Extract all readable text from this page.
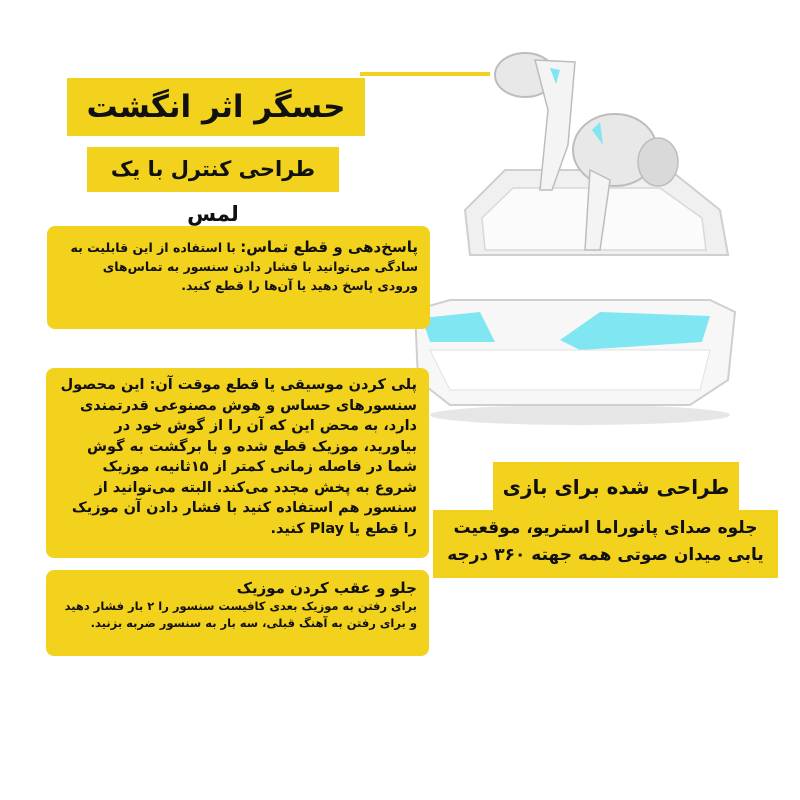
حسگر اثر انگشت
طراحی کنترل با یک لمس
پاسخ‌دهی و قطع تماس: با استفاده از این قابلیت به سادگی می‌توانید با فشار دادن سنسور به تماس‌های ورودی پاسخ دهید یا آن‌ها را قطع کنید.
پلی کردن موسیقی یا قطع موقت آن: این محصول سنسورهای حساس و هوش مصنوعی قدرتمندی دارد، به محض این که آن را از گوش خود در بیاورید، موزیک قطع شده و با برگشت به گوش شما در فاصله زمانی کمتر از ۱۵ثانیه، موزیک شروع به پخش مجدد می‌کند. البته می‌توانید از سنسور هم استفاده کنید با فشار دادن آن موزیک را قطع یا Play کنید.
جلو و عقب کردن موزیک
برای رفتن به موزیک بعدی کافیست سنسور را ۲ بار فشار دهید و برای رفتن به آهنگ قبلی، سه بار به سنسور ضربه بزنید.
طراحی شده برای بازی
جلوه صدای پانوراما استریو، موقعیت یابی میدان صوتی همه جهته ۳۶۰ درجه
